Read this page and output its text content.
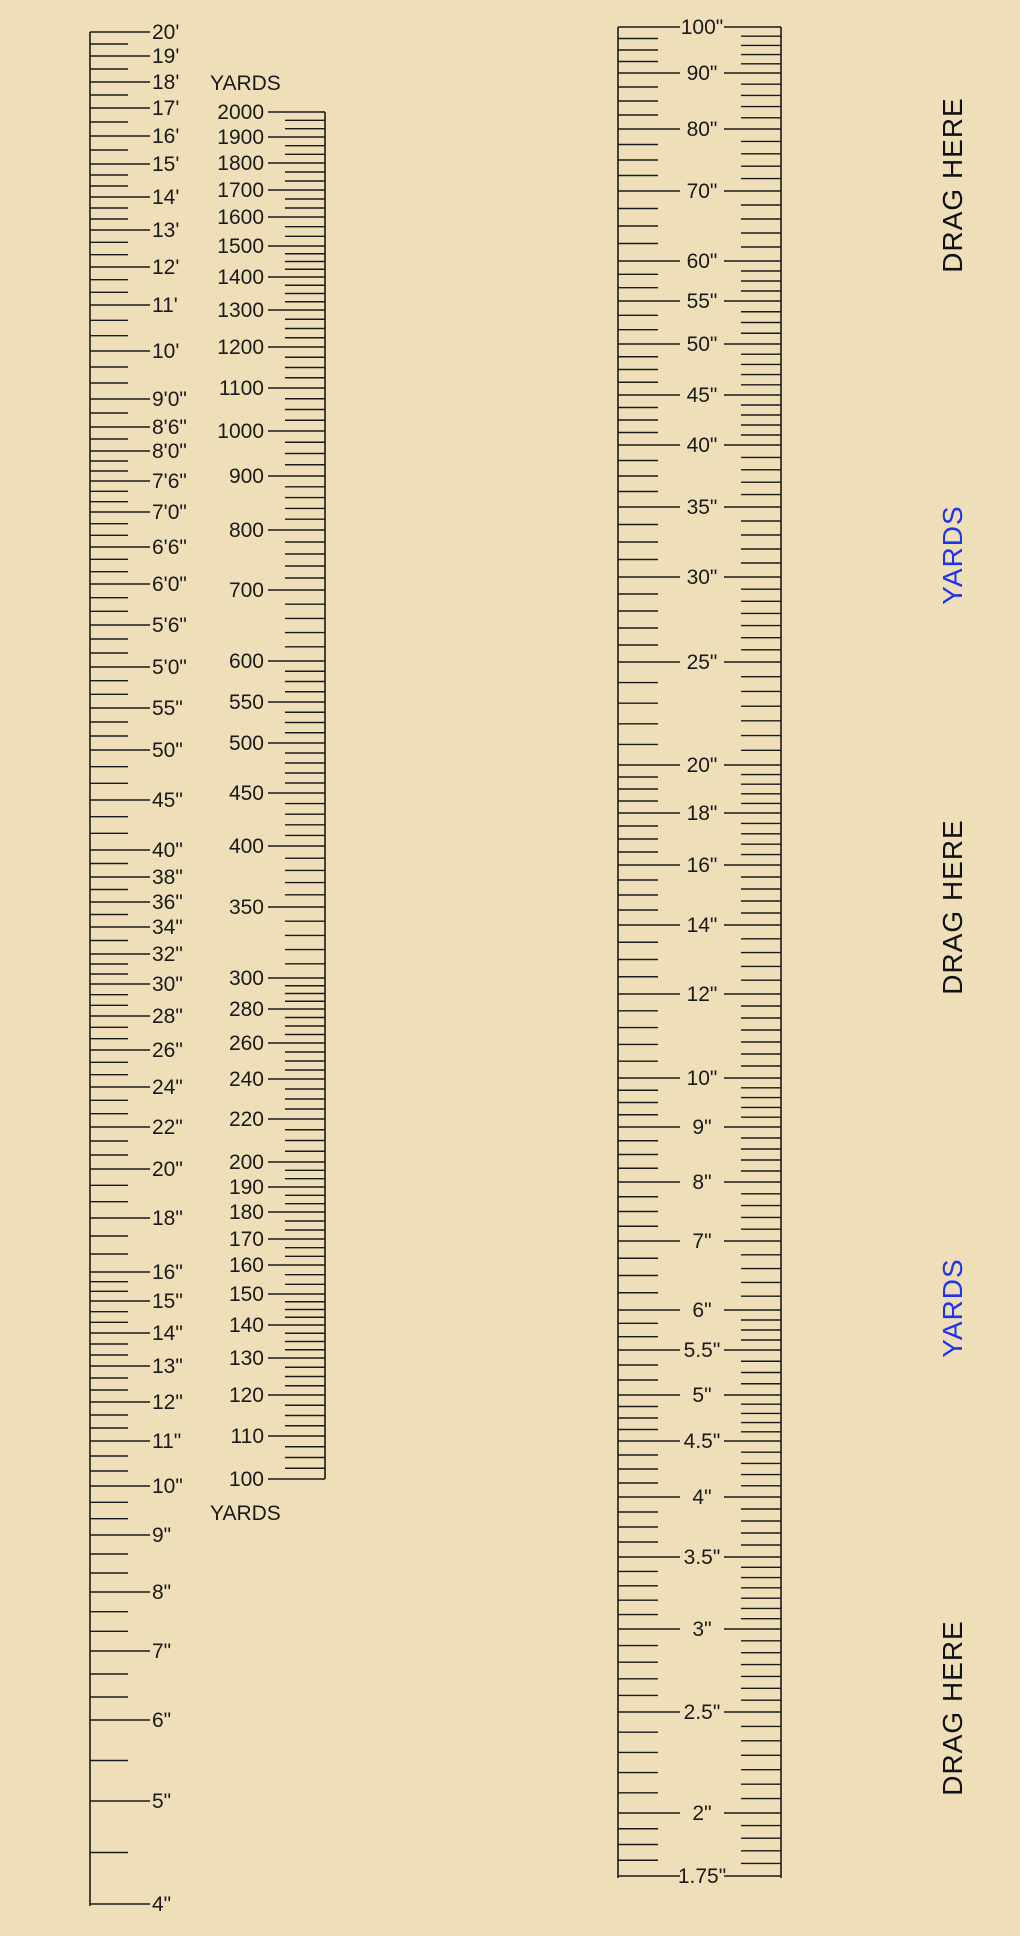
20'
19'
18'
17'
16'
15'
14'
13'
12'
11'
10'
9'0"
8'6"
8'0"
7'6"
7'0"
6'6"
6'0"
5'6"
5'0"
55"
50"
45"
40"
38"
36"
34"
32"
30"
28"
26"
24"
22"
20"
18"
16"
15"
14"
13"
12"
11"
10"
9"
8"
7"
6"
5"
4"
YARDS
YARDS
2000
1900
1800
1700
1600
1500
1400
1300
1200
1100
1000
900
800
700
600
550
500
450
400
350
300
280
260
240
220
200
190
180
170
160
150
140
130
120
110
100
100"
90"
80"
70"
60"
55"
50"
45"
40"
35"
30"
25"
20"
18"
16"
14"
12"
10"
9"
8"
7"
6"
5.5"
5"
4.5"
4"
3.5"
3"
2.5"
2"
1.75"
DRAG HERE
YARDS
DRAG HERE
YARDS
DRAG HERE
